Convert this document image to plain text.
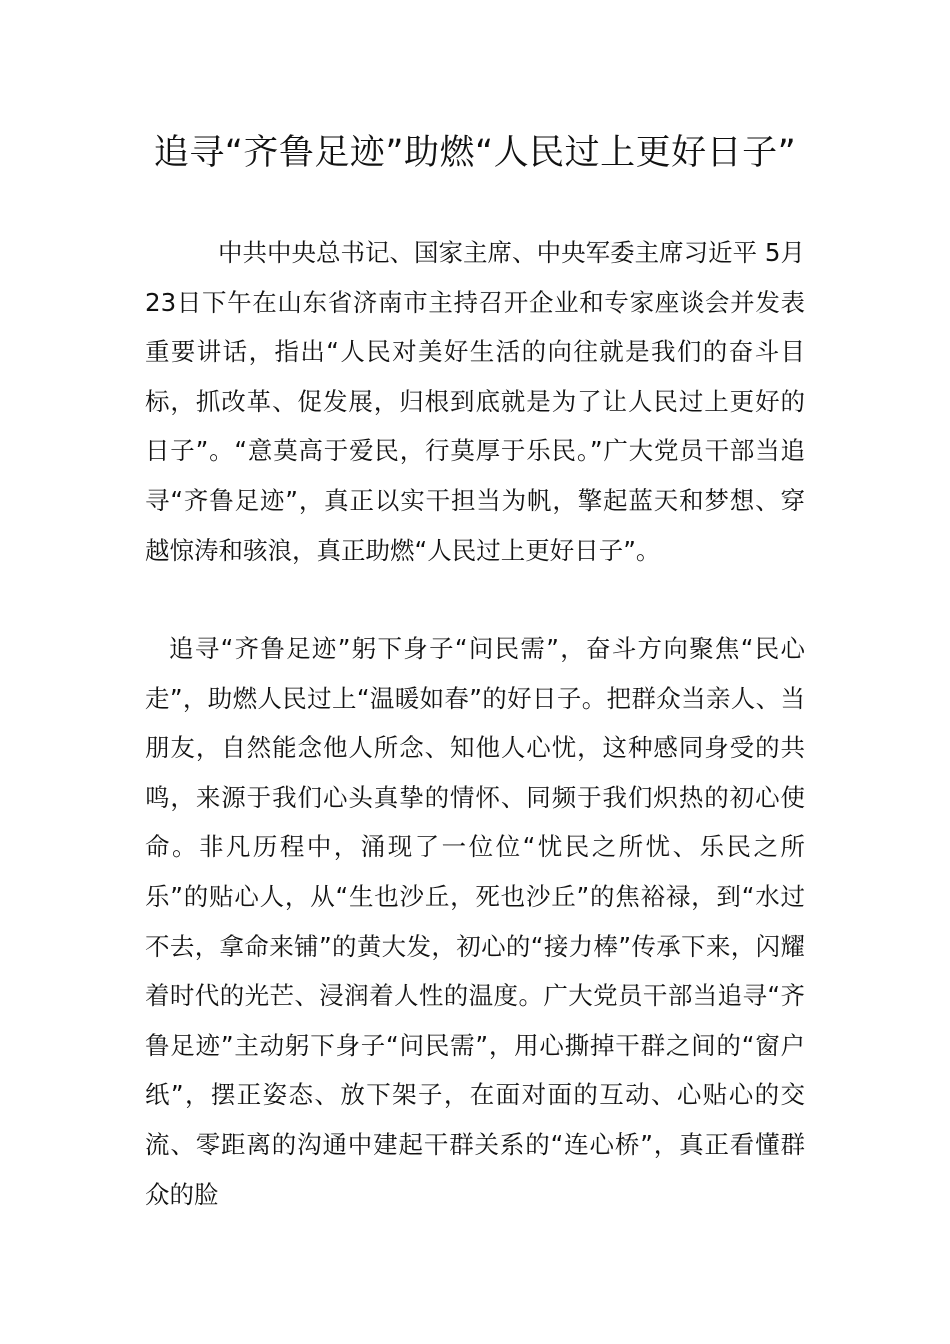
追寻“齐鲁足迹”助燃“人民过上更好日子”

中共中央总书记、国家主席、中央军委主席习近平 5月23日下午在山东省济南市主持召开企业和专家座谈会并发表重要讲话，指出“人民对美好生活的向往就是我们的奋斗目标，抓改革、促发展，归根到底就是为了让人民过上更好的日子”。“意莫高于爱民，行莫厚于乐民。”广大党员干部当追寻“齐鲁足迹”，真正以实干担当为帆，擎起蓝天和梦想、穿越惊涛和骇浪，真正助燃“人民过上更好日子”。

追寻“齐鲁足迹”躬下身子“问民需”，奋斗方向聚焦“民心走”，助燃人民过上“温暖如春”的好日子。把群众当亲人、当朋友，自然能念他人所念、知他人心忧，这种感同身受的共鸣，来源于我们心头真挚的情怀、同频于我们炽热的初心使命。非凡历程中，涌现了一位位“忧民之所忧、乐民之所乐”的贴心人，从“生也沙丘，死也沙丘”的焦裕禄，到“水过不去，拿命来铺”的黄大发，初心的“接力棒”传承下来，闪耀着时代的光芒、浸润着人性的温度。广大党员干部当追寻“齐鲁足迹”主动躬下身子“问民需”，用心撕掉干群之间的“窗户纸”，摆正姿态、放下架子，在面对面的互动、心贴心的交流、零距离的沟通中建起干群关系的“连心桥”，真正看懂群众的脸
